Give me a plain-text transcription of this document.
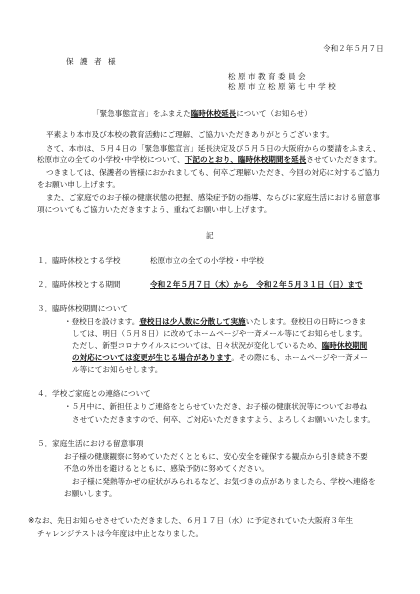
令和２年５月７日
保 護 者 様
松 原 市 教 育 委 員 会
松 原 市 立 松 原 第 七 中 学 校
「緊急事態宣言」をふまえた臨時休校延長について（お知らせ）
平素より本市及び本校の教育活動にご理解、ご協力いただきありがとうございます。
さて、本市は、５月４日の「緊急事態宣言」延長決定及び５月５日の大阪府からの要請をふまえ、
松原市立の全ての小学校･中学校について、下記のとおり、臨時休校期間を延長させていただきます。
つきましては、保護者の皆様におかれましても、何卒ご理解いただき、今回の対応に対するご協力
をお願い申し上げます。
また、ご家庭でのお子様の健康状態の把握、感染症予防の指導、ならびに家庭生活における留意事
項についてもご協力いただきますよう、重ねてお願い申し上げます。
記
１．臨時休校とする学校	松原市立の全ての小学校・中学校
２．臨時休校とする期間	令和２年５月７日（木）から　令和２年５月３１日（日）まで
３．臨時休校期間について
・登校日を設けます。登校日は少人数に分散して実施いたします。登校日の日時につきま
しては、明日（５月８日）に改めてホームページや一斉メール等にてお知らせします。
ただし、新型コロナウイルスについては、日々状況が変化しているため、臨時休校期間
の対応については変更が生じる場合があります。その際にも、ホームページや一斉メー
ル等にてお知らせします。
４．学校ご家庭との連絡について
・５月中に、新担任よりご連絡をとらせていただき、お子様の健康状況等についてお尋ね
させていただきますので、何卒、ご対応いただきますよう、よろしくお願いいたします。
５．家庭生活における留意事項
お子様の健康観察に努めていただくとともに、安心安全を確保する観点から引き続き不要
不急の外出を避けるとともに、感染予防に努めてください。
お子様に発熱等かぜの症状がみられるなど、お気づきの点がありましたら、学校へ連絡を
お願いします。
※なお、先日お知らせさせていただきました、６月１７日（水）に予定されていた大阪府３年生
チャレンジテストは今年度は中止となりました。
